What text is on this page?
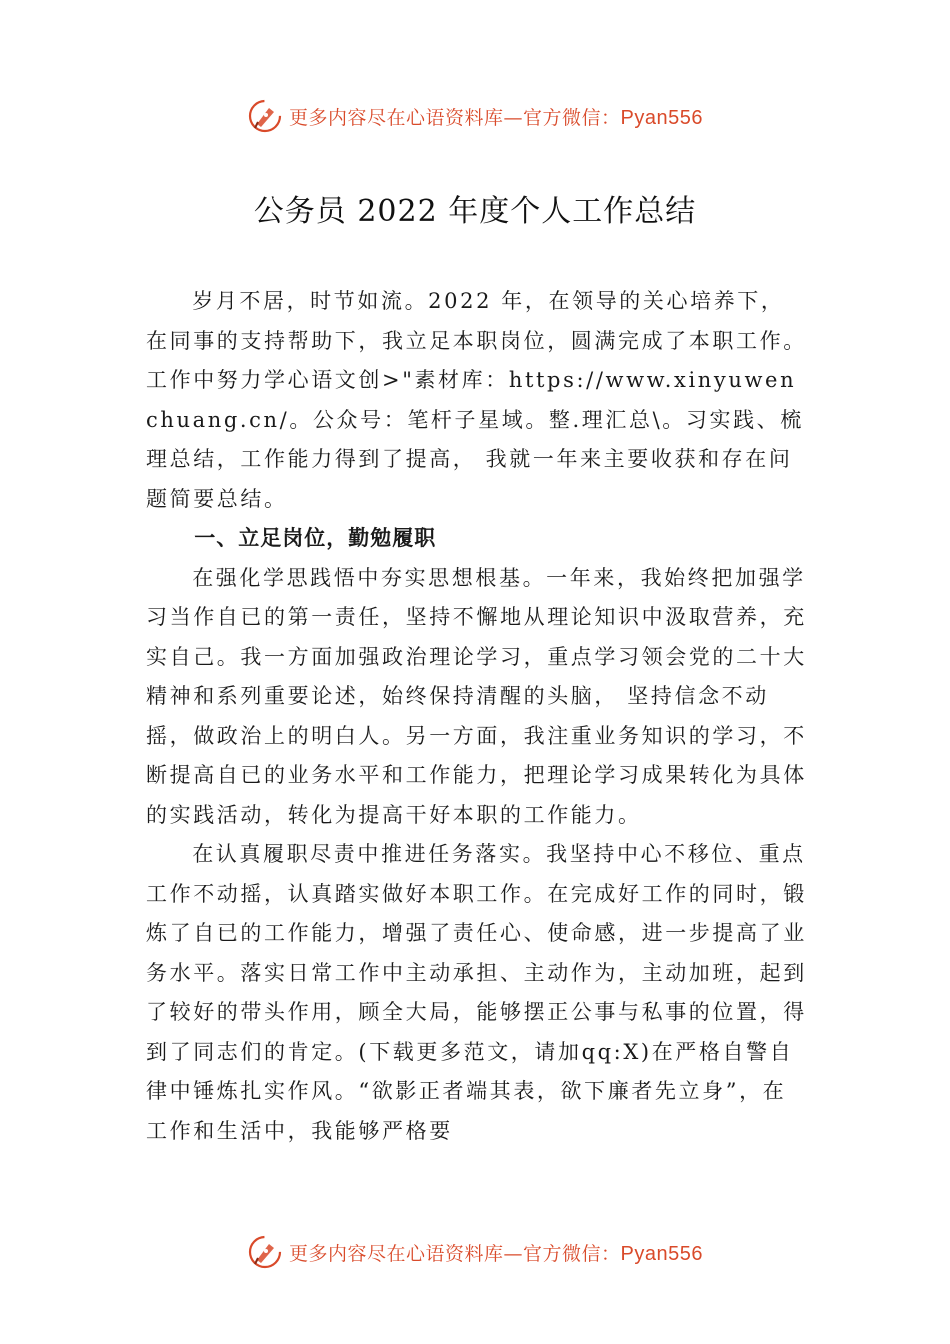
更多内容尽在心语资料库—官方微信：Pyan556
公务员 2022 年度个人工作总结

岁月不居，时节如流。2022 年，在领导的关心培养下， 在同事的支持帮助下，我立足本职岗位，圆满完成了本职工作。工作中努力学心语文创>"素材库：https://www.xinyuwenchuang.cn/。公众号：笔杆子星域。整.理汇总\。习实践、梳理总结，工作能力得到了提高， 我就一年来主要收获和存在问题简要总结。

一、立足岗位，勤勉履职

在强化学思践悟中夯实思想根基。一年来，我始终把加强学习当作自已的第一责任，坚持不懈地从理论知识中汲取营养，充实自己。我一方面加强政治理论学习，重点学习领会党的二十大精神和系列重要论述，始终保持清醒的头脑， 坚持信念不动摇，做政治上的明白人。另一方面，我注重业务知识的学习，不断提高自已的业务水平和工作能力，把理论学习成果转化为具体的实践活动，转化为提高干好本职的工作能力。

在认真履职尽责中推进任务落实。我坚持中心不移位、重点工作不动摇，认真踏实做好本职工作。在完成好工作的同时，锻炼了自已的工作能力，增强了责任心、使命感，进一步提高了业务水平。落实日常工作中主动承担、主动作为，主动加班，起到了较好的带头作用，顾全大局，能够摆正公事与私事的位置，得到了同志们的肯定。(下载更多范文，请加qq:X)在严格自警自律中锤炼扎实作风。“欲影正者端其表，欲下廉者先立身”，在工作和生活中，我能够严格要

更多内容尽在心语资料库—官方微信：Pyan556
